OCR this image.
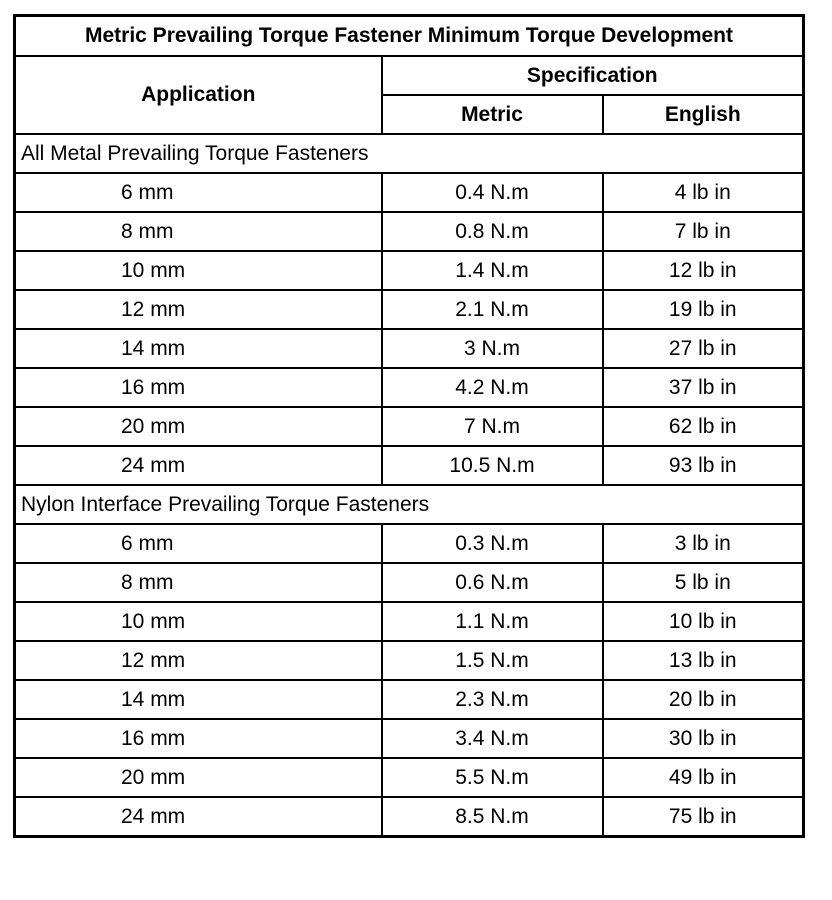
Metric Prevailing Torque Fastener Minimum Torque Development		
Application	Specification	
	Metric	English
All Metal Prevailing Torque Fasteners		
6 mm	0.4 N.m	4 lb in
8 mm	0.8 N.m	7 lb in
10 mm	1.4 N.m	12 lb in
12 mm	2.1 N.m	19 lb in
14 mm	3 N.m	27 lb in
16 mm	4.2 N.m	37 lb in
20 mm	7 N.m	62 lb in
24 mm	10.5 N.m	93 lb in
Nylon Interface Prevailing Torque Fasteners		
6 mm	0.3 N.m	3 lb in
8 mm	0.6 N.m	5 lb in
10 mm	1.1 N.m	10 lb in
12 mm	1.5 N.m	13 lb in
14 mm	2.3 N.m	20 lb in
16 mm	3.4 N.m	30 lb in
20 mm	5.5 N.m	49 lb in
24 mm	8.5 N.m	75 lb in
